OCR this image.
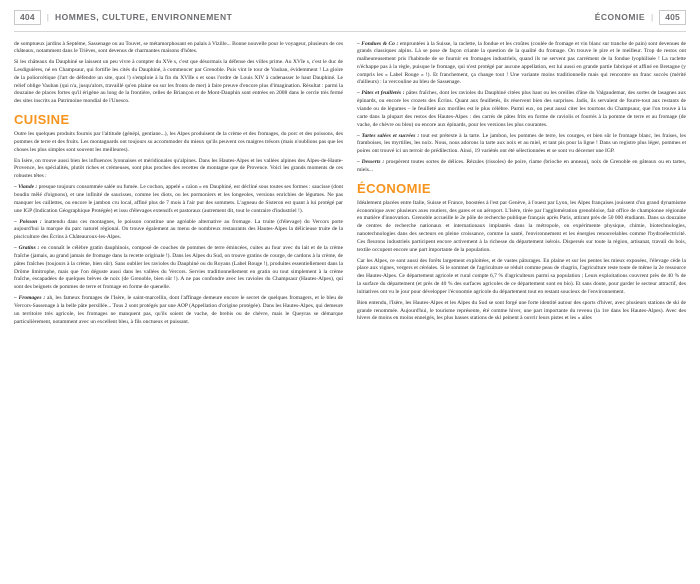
404	| HOMMES, CULTURE, ENVIRONNEMENT	ÉCONOMIE |	405

de somptueux jardins à Septème, Sassenage ou au Touvet, se métamorphosant en palais à Vizille... Bonne nouvelle pour le voyageur, plusieurs de ces châteaux, notamment dans le Trièves, sont devenus de charmantes maisons d'hôtes.

Si les châteaux du Dauphiné se laissent un peu vivre à compter du XVe s, c'est que désormais la défense des villes prime. Au XVIe s, c'est le duc de Lesdiguières, né en Champsaur, qui fortifie les cités du Dauphiné, à commencer par Grenoble. Puis vint le tour de Vauban, évidemment ! La gloire de la poliorcétique (l'art de défendre un site, quoi !) s'emploie à la fin du XVIIe s et sous l'ordre de Louis XIV à cadenasser le haut Dauphiné. Le relief oblige Vauban (qui n'a, jusqu'alors, travaillé qu'en plaine ou sur les fronts de mer) à faire preuve d'encore plus d'imagination. Résultat : parmi la douzaine de places fortes qu'il érigène au long de la frontière, celles de Briançon et de Mont-Dauphin sont entrées en 2008 dans le cercle très fermé des sites inscrits au Patrimoine mondial de l'Unesco.

CUISINE

Outre les quelques produits fournis par l'altitude (génépi, gentiane...), les Alpes produisent de la crème et des fromages, du porc et des poissons, des pommes de terre et des fruits. Les montagnards ont toujours su accommoder du mieux qu'ils peuvent ces maigres trésors (mais n'oublions pas que les choses les plus simples sont souvent les meilleures).

En Isère, on trouve aussi bien les influences lyonnaises et méridionales qu'alpines. Dans les Hautes-Alpes et les vallées alpines des Alpes-de-Haute-Provence, les spécialités, plutôt riches et crémeuses, sont plus proches des recettes de montagne que de Provence. Voici les grands moments de ces robustes têtes :

– Viande : presque toujours consommée salée ou fumée. Le cochon, appelé « caïon » en Dauphiné, est décliné sous toutes ses formes : saucisse (dont boudin mêlé d'oignons), et une infinité de saucisses, comme les diots, ou les pormoniers et les longeoles, versions enrichies de légumes. Ne pas manquer les caillettes, ou encore le jambon cru local, affiné plus de 7 mois à l'air pur des sommets. L'agneau de Sisteron est quant à lui protégé par une IGP (Indication Géographique Protégée) et issu d'élevages extensifs et pastoraux (autrement dit, tout le contraire d'industriel !).

– Poisson : inattendu dans ces montagnes, le poisson constitue une agréable alternative au fromage. La truite (d'élevage) du Vercors porte aujourd'hui la marque du parc naturel régional. On trouve également au menu de nombreux restaurants des Hautes-Alpes la délicieuse truite de la pisciculture des Écrins à Châteauroux-les-Alpes.

– Gratins : en connaît le célèbre gratin dauphinois, composé de couches de pommes de terre émincées, cuites au four avec du lait et de la crème fraîche (jamais, au grand jamais de fromage dans la recette originale !). Dans les Alpes du Sud, on trouve gratins de courge, de cardons à la crème, de pâtes fraîches (toujours à la crème, bien sûr). Sans oublier les ravioles du Dauphiné ou du Royans (Label Rouge !), produites essentiellement dans la Drôme limitrophe, mais que l'on déguste aussi dans les vallées du Vercors. Servies traditionnellement en gratin ou tout simplement à la crème fraîche, escapadées de quelques brèves de noix (de Grenoble, bien sûr !). A ne pas confondre avec les ravioles du Champsaur (Hautes-Alpes), qui sont des beignets de pommes de terre et fromage en forme de quenelle.

– Fromages : ah, les fameux fromages de l'Isère, le saint-marcellin, dont l'affinage demeure encore le secret de quelques fromagers, et le bleu de Vercors-Sassenage à la belle pâte persillée... Tous 2 sont protégés par une AOP (Appellation d'origine protégée). Dans les Hautes-Alpes, qui demeure un territoire très agricole, les fromages ne manquent pas, qu'ils soient de vache, de brebis ou de chèvre, mais le Queyras se démarque particulièrement, notamment avec un excellent bleu, à fils onctueux et puissant.

– Fondues & Co : empruntées à la Suisse, la raclette, la fondue et les croûtes (coulée de fromage et vin blanc sur tranche de pain) sont devenues de grands classiques alpins. Là se pose de façon criante la question de la qualité du fromage. On trouve le pire et le meilleur. Trop de restos ont malheureusement pris l'habitude de se fournir en fromages industriels, quand ils ne servent pas carrément de la fondue lyophilisée ! La raclette n'échappe pas à la règle, puisque le fromage, qui n'est protégé par aucune appellation, est lui aussi en grande partie fabriqué et affiné en Bretagne (y compris les « Label Rouge » !). Et franchement, ça change tout ! Une variante moins traditionnelle mais qui rencontre un franc succès (mérité d'ailleurs) : la vercouline au bleu de Sassenage.

– Pâtes et feuilletés : pâtes fraîches, dont les ravioles du Dauphiné citées plus haut ou les oreilles d'âne du Valgaudemar, des sortes de lasagnes aux épinards, ou encore les crozets des Écrins. Quant aux feuilletés, ils réservent bien des surprises. Jadis, ils servaient de fourre-tout aux restants de viande ou de légumes – le feuilleté aux morilles est le plus célèbre. Parmi eux, on peut aussi citer les tourtons du Champsaur, que l'on trouve à la carte dans la plupart des restos des Hautes-Alpes : des carrés de pâtes frits en forme de raviolis et fourrés à la pomme de terre et au fromage (de vache, de chèvre ou bleu) ou encore aux épinards, pour les versions les plus courantes.

– Tartes salées et sucrées : tout est prétexte à la tarte. Le jambon, les pommes de terre, les courges, et bien sûr le fromage blanc, les fraises, les framboises, les myrtilles, les noix. Nous, nous adorons la tarte aux noix et au miel, et tant pis pour la ligne ! Dans un registre plus léger, pommes et poires ont trouvé ici un terroir de prédilection. Ainsi, 19 variétés ont été sélectionnées et se sont vu décerner une IGP.

– Desserts : prospèrent toutes sortes de délices. Rézules (rissoles) de poire, riame (brioche en anneau), noix de Grenoble en gâteaux ou en tartes, miels...

ÉCONOMIE

Idéalement placées entre Italie, Suisse et France, boostées à l'est par Genève, à l'ouest par Lyon, les Alpes françaises jouissent d'un grand dynamisme économique avec plusieurs axes routiers, des gares et un aéroport. L'Isère, tirée par l'agglomération grenobloise, fait office de championne régionale en matière d'innovation. Grenoble accueille le 2e pôle de recherche publique français après Paris, attirant près de 50 000 étudiants. Dans sa douzaine de centres de recherche nationaux et internationaux implantés dans la métropole, on expérimente physique, chimie, biotechnologies, nanotechnologies dans des secteurs en pleine croissance, comme la santé, l'environnement et les énergies renouvelables comme l'hydroélectricité. Ces fleurons industriels participent encore activement à la richesse du département isérois. Dispersés sur toute la région, artisanat, travail du bois, textile occupent encore une part importante de la population.

Car les Alpes, ce sont aussi des forêts largement exploitées, et de vastes pâturages. En plaine et sur les pentes les mieux exposées, l'élevage cède la place aux vignes, vergers et céréales. Si le sommet de l'agriculture se réduit comme peau de chagrin, l'agriculture reste toute de même la 2e ressource des Hautes-Alpes. Ce département agricole et rural compte 6,7 % d'agriculteurs parmi sa population ; Leurs exploitations couvrent près de 40 % de la surface du département (et près de 40 % des surfaces agricoles de ce département sont en bio). Et sans doute, pour garder le secteur attractif, des initiatives ont vu le jour pour développer l'économie agricole du département tout en restant soucieux de l'environnement.

Bien entendu, l'Isère, les Hautes-Alpes et les Alpes du Sud se sont forgé une forte identité autour des sports d'hiver, avec plusieurs stations de ski de grande renommée. Aujourd'hui, le tourisme représente, été comme hiver, une part importante du revenu (la 1re dans les Hautes-Alpes). Avec des hivers de moins en moins enneigés, les plus basses stations de ski peinent à ouvrir leurs pistes et les « ailes
